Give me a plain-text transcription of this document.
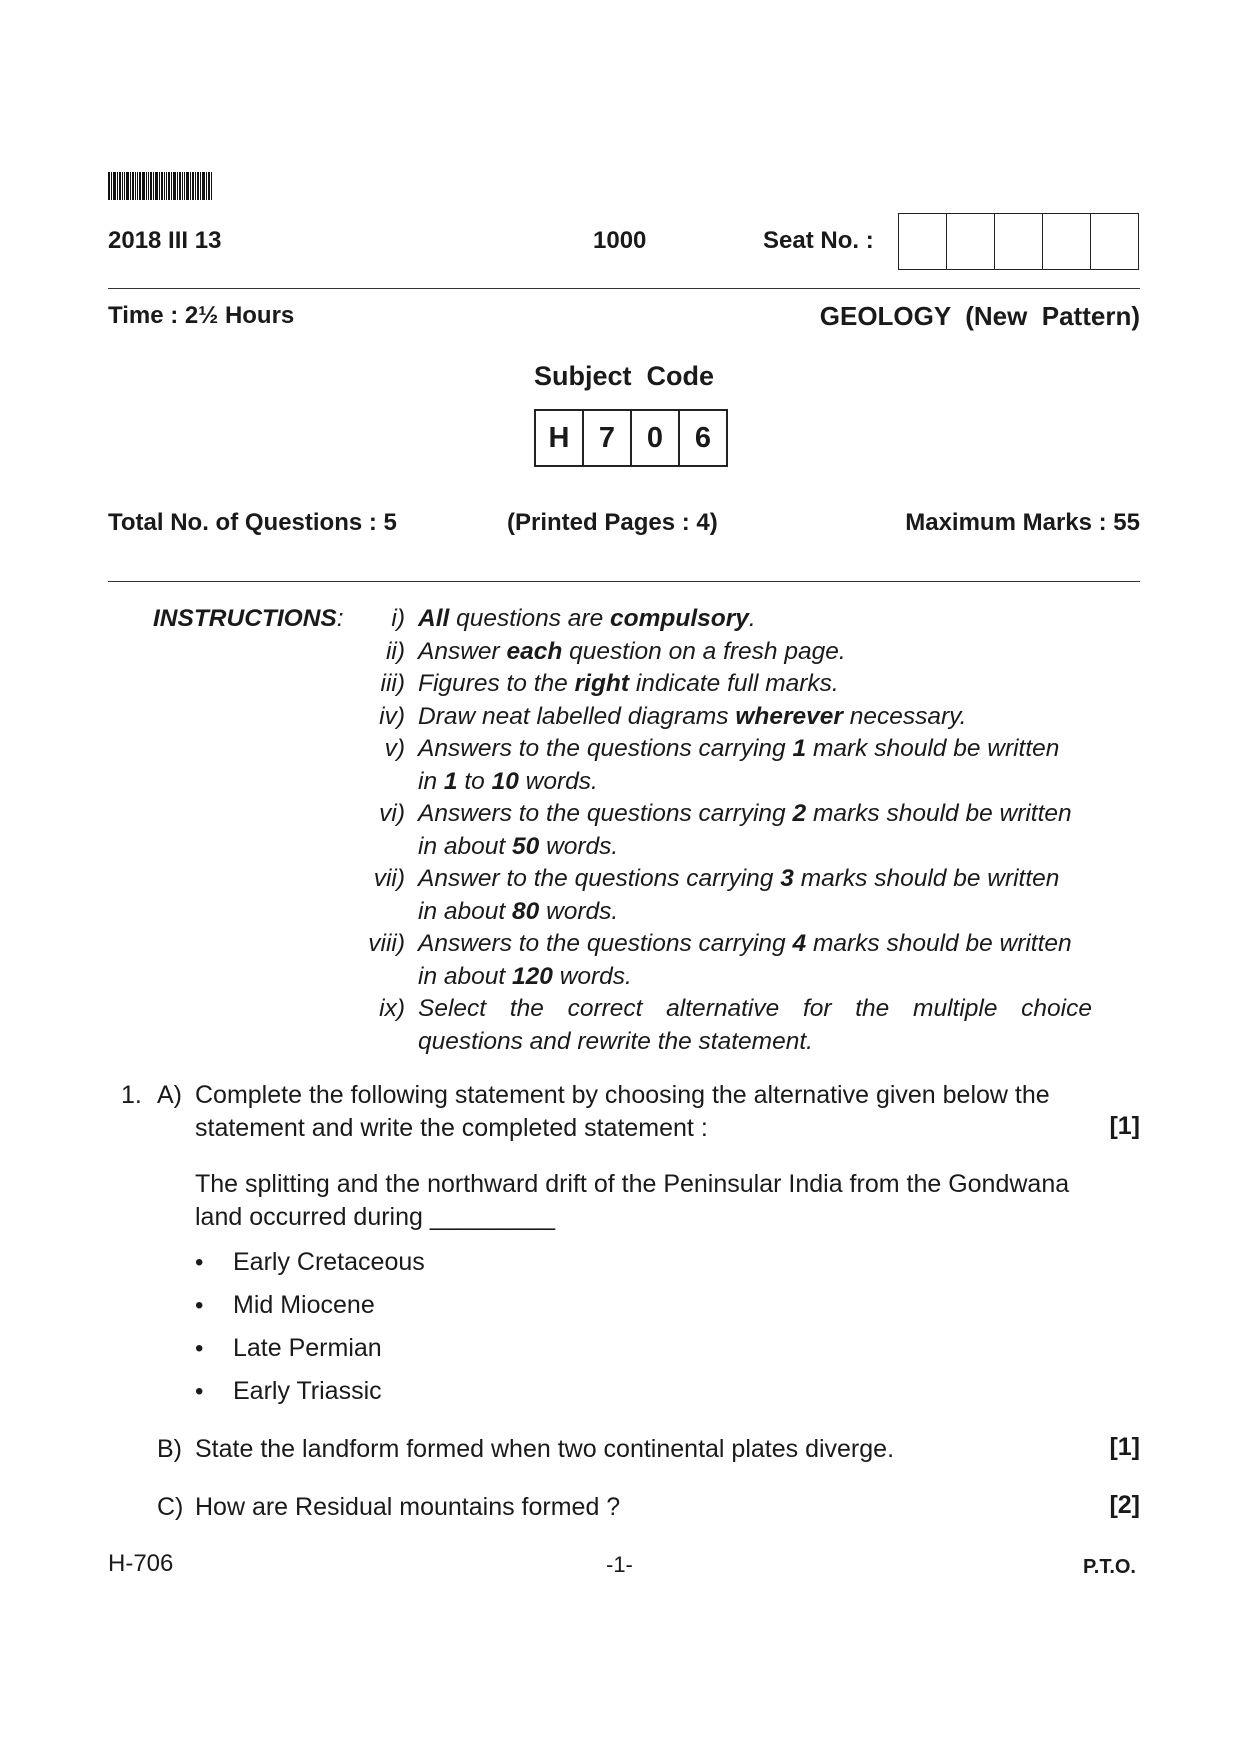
2018 III 13	1000	Seat No. :
Time : 2½ Hours	GEOLOGY  (New  Pattern)
Subject  Code
H	7	0	6
Total No. of Questions : 5	(Printed Pages : 4)	Maximum Marks : 55
INSTRUCTIONS:	i) All questions are compulsory.
ii) Answer each question on a fresh page.
iii) Figures to the right indicate full marks.
iv) Draw neat labelled diagrams wherever necessary.
v) Answers to the questions carrying 1 mark should be written
in 1 to 10 words.
vi) Answers to the questions carrying 2 marks should be written
in about 50 words.
vii) Answer to the questions carrying 3 marks should be written
in about 80 words.
viii) Answers to the questions carrying 4 marks should be written
in about 120 words.
ix) Select the correct alternative for the multiple choice
questions and rewrite the statement.
1. A) Complete the following statement by choosing the alternative given below the
statement and write the completed statement :	[1]
The splitting and the northward drift of the Peninsular India from the Gondwana
land occurred during _________
• Early Cretaceous
• Mid Miocene
• Late Permian
• Early Triassic
B) State the landform formed when two continental plates diverge.	[1]
C) How are Residual mountains formed ?	[2]
H-706	-1-	P.T.O.
